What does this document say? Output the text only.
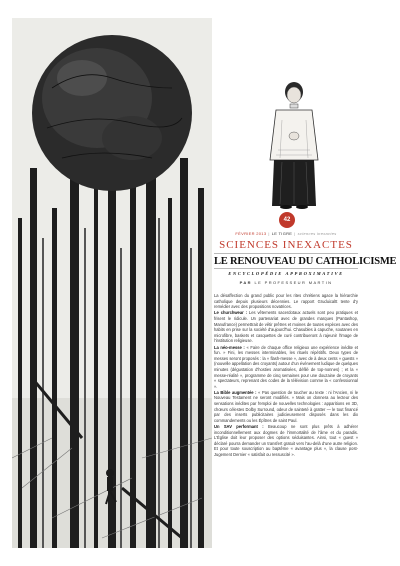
42
FÉVRIER 2013 | LE TIGRE | sciences inexactes
SCIENCES INEXACTES
LE RENOUVEAU DU CATHOLICISME
ENCYCLOPÉDIE APPROXIMATIVE
PAR LE PROFESSEUR MARTIN

La désaffection du grand public pour les rites chrétiens agace la hiérarchie catholique depuis plusieurs décennies. Le rapport Gruduicaltt tente d'y remédier avec des propositions novatrices.

Le churchwear : Les vêtements sacerdotaux actuels sont peu pratiques et frisent le ridicule. Un partenariat avec de grandes marques (Pantashop, Manufrance) permettrait de vêtir prêtres et moines de toutes espèces avec des habits en prise sur la société d'aujourd'hui. Chasubles à capuche, soutanes en microfibre, baskets et casquettes de curé contribueront à rajeunir l'image de l'institution religieuse.

La néo-messe : « Faire de chaque office religieux une expérience inédite et fun. » Fini, les messes interminables, les rituels répétitifs. Deux types de messes seront proposés : la « flash-messe », avec de à deux cents « guests » (nouvelle appellation des croyants) autour d'un événement ludique de quelques minutes (dégustation d'hosties aromatisées, défilé de top-nonnes) ; et la « messe-réalité », programme de cinq semaines pour une douzaine de croyants « spectateurs, reprenant des codes de la télévision comme la « confessionnal ».

La Bible augmentée : « Pas question de toucher au texte : ni l'Ancien, ni le Nouveau Testament ne seront modifiés. » Mais on donnera au lecteur des sensations inédites par l'emploi de nouvelles technologies : apparitions en 3D, chœurs célestes Dolby Surround, odeur de sainteté à gratter — le tout financé par des inserts publicitaires judicieusement disposés dans les dix commandements ou les Épîtres de saint Paul.

Un SAV performant : Beaucoup ne sont plus prêts à adhérer inconditionnellement aux dogmes de l'immortalité de l'âme et du paradis. L'Église doit leur proposer des options séduisantes. Ainsi, tout « guest » déclaré pourra demander un transfert gratuit vers l'au-delà d'une autre religion. Et pour toute souscription au baptême « avantage plus », la clause post-Jugement Dernier « satisfait ou ressuscité ».
